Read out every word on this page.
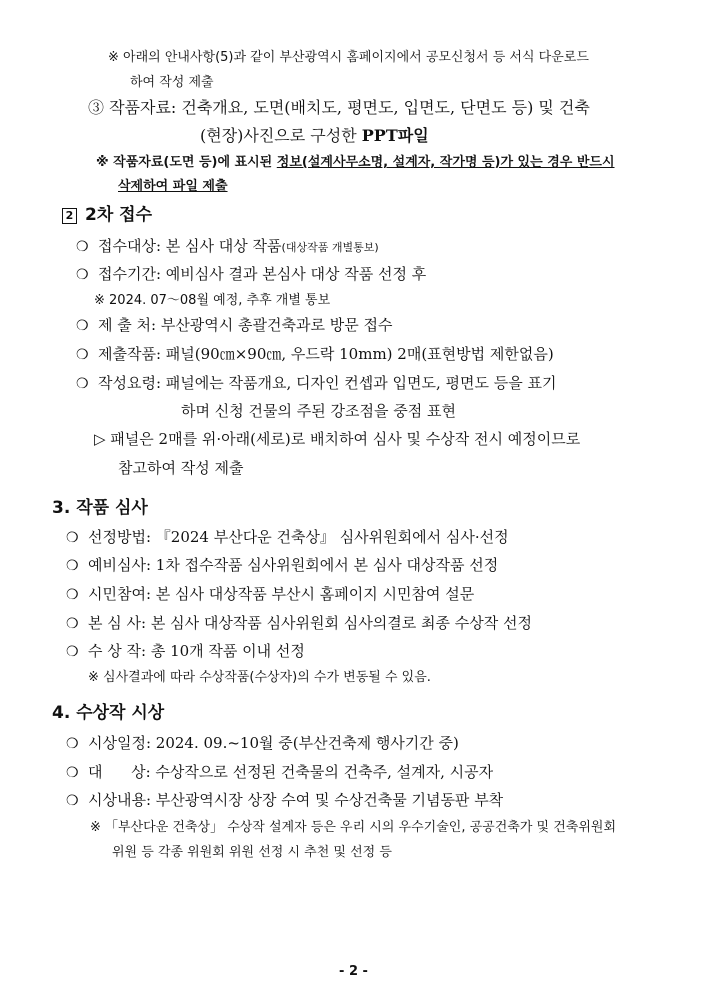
※ 아래의 안내사항(5)과 같이 부산광역시 홈페이지에서 공모신청서 등 서식 다운로드
하여 작성 제출
③ 작품자료: 건축개요, 도면(배치도, 평면도, 입면도, 단면도 등) 및 건축
(현장)사진으로 구성한 PPT파일
※ 작품자료(도면 등)에 표시된 정보(설계사무소명, 설계자, 작가명 등)가 있는 경우 반드시
삭제하여 파일 제출
2 2차 접수
❍ 접수대상: 본 심사 대상 작품(대상작품 개별통보)
❍ 접수기간: 예비심사 결과 본심사 대상 작품 선정 후
※ 2024. 07～08월 예정, 추후 개별 통보
❍ 제 출 처: 부산광역시 총괄건축과로 방문 접수
❍ 제출작품: 패널(90㎝×90㎝, 우드락 10mm) 2매(표현방법 제한없음)
❍ 작성요령: 패널에는 작품개요, 디자인 컨셉과 입면도, 평면도 등을 표기
하며 신청 건물의 주된 강조점을 중점 표현
▷ 패널은 2매를 위·아래(세로)로 배치하여 심사 및 수상작 전시 예정이므로
참고하여 작성 제출
3. 작품 심사
❍ 선정방법: 『2024 부산다운 건축상』 심사위원회에서 심사·선정
❍ 예비심사: 1차 접수작품 심사위원회에서 본 심사 대상작품 선정
❍ 시민참여: 본 심사 대상작품 부산시 홈페이지 시민참여 설문
❍ 본 심 사: 본 심사 대상작품 심사위원회 심사의결로 최종 수상작 선정
❍ 수 상 작: 총 10개 작품 이내 선정
※ 심사결과에 따라 수상작품(수상자)의 수가 변동될 수 있음.
4. 수상작 시상
❍ 시상일정: 2024. 09.~10월 중(부산건축제 행사기간 중)
❍ 대      상: 수상작으로 선정된 건축물의 건축주, 설계자, 시공자
❍ 시상내용: 부산광역시장 상장 수여 및 수상건축물 기념동판 부착
※ 「부산다운 건축상」 수상작 설계자 등은 우리 시의 우수기술인, 공공건축가 및 건축위원회
위원 등 각종 위원회 위원 선정 시 추천 및 선정 등
- 2 -
